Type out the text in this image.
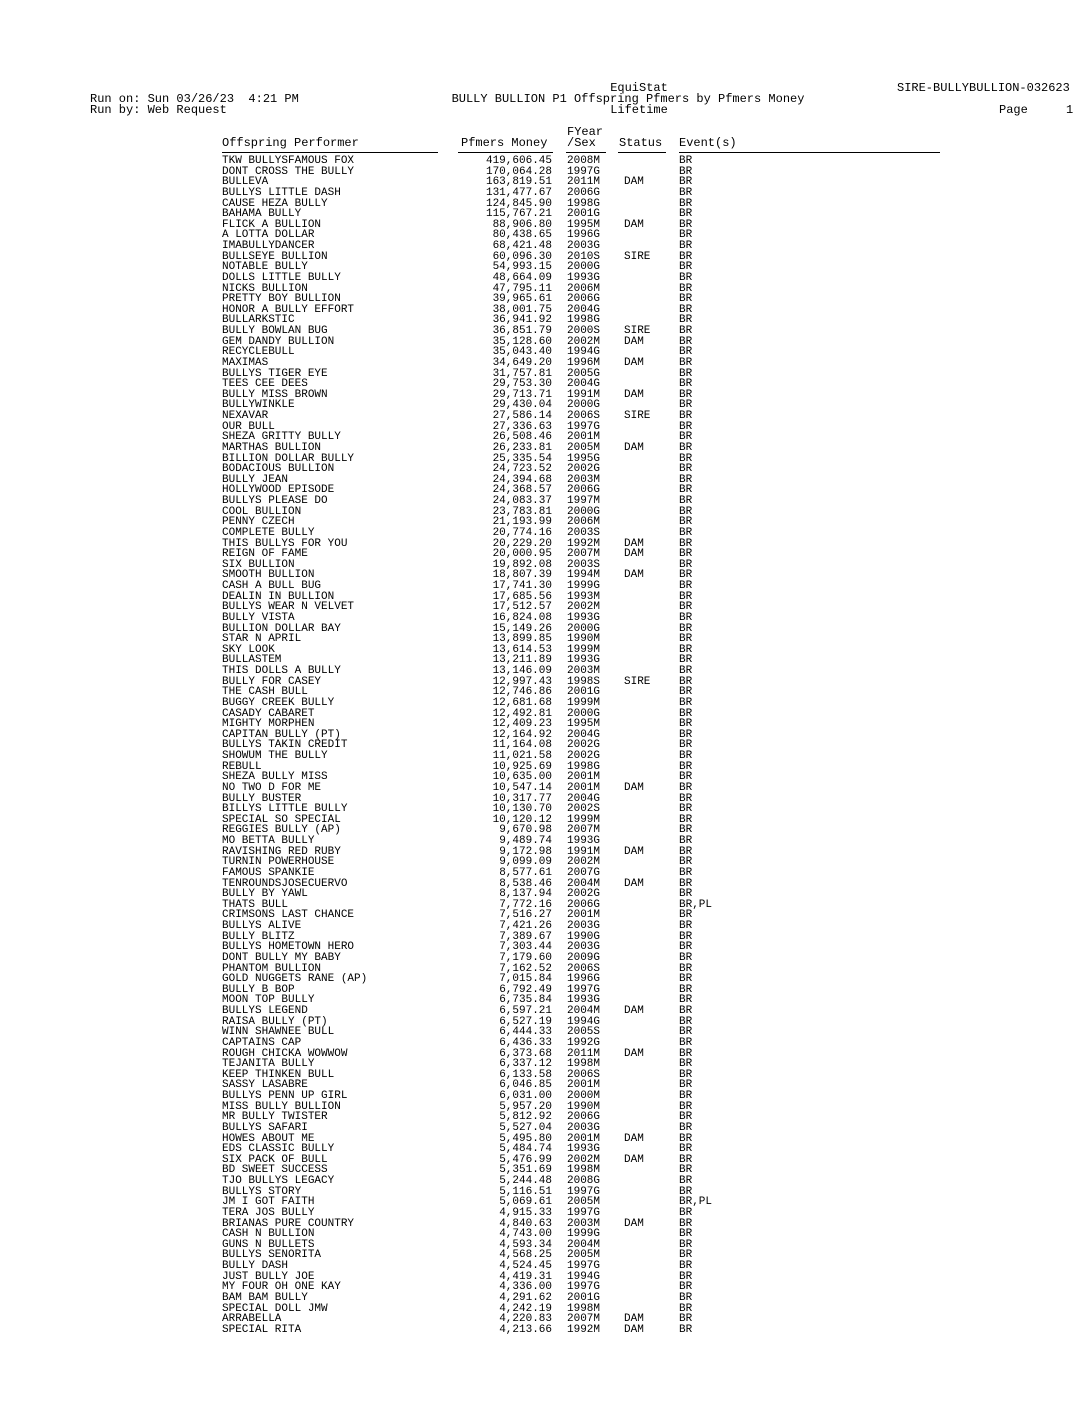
EquiStat
Run on: Sun 03/26/23  4:21 PM	BULLY BULLION P1 Offspring Pfmers by Pfmers Money
Run by: Web Request	Lifetime
SIRE-BULLYBULLION-032623
Page	1
Offspring Performer	Pfmers Money
FYear
/Sex Status Event(s)
TKW BULLYSFAMOUS FOX	419,606.45 2008M	BR
DONT CROSS THE BULLY	170,064.28 1997G	BR
BULLEVA	163,819.51 2011M DAM	BR
BULLYS LITTLE DASH	131,477.67 2006G	BR
CAUSE HEZA BULLY	124,845.90 1998G	BR
BAHAMA BULLY	115,767.21 2001G	BR
FLICK A BULLION	88,906.80 1995M DAM	BR
A LOTTA DOLLAR	80,438.65 1996G	BR
IMABULLYDANCER	68,421.48 2003G	BR
BULLSEYE BULLION	60,096.30 2010S SIRE	BR
NOTABLE BULLY	54,993.15 2000G	BR
DOLLS LITTLE BULLY	48,664.09 1993G	BR
NICKS BULLION	47,795.11 2006M	BR
PRETTY BOY BULLION	39,965.61 2006G	BR
HONOR A BULLY EFFORT	38,001.75 2004G	BR
BULLARKSTIC	36,941.92 1998G	BR
BULLY BOWLAN BUG	36,851.79 2000S SIRE	BR
GEM DANDY BULLION	35,128.60 2002M DAM	BR
RECYCLEBULL	35,043.40 1994G	BR
MAXIMAS	34,649.20 1996M DAM	BR
BULLYS TIGER EYE	31,757.81 2005G	BR
TEES CEE DEES	29,753.30 2004G	BR
BULLY MISS BROWN	29,713.71 1991M DAM	BR
BULLYWINKLE	29,430.04 2000G	BR
NEXAVAR	27,586.14 2006S SIRE	BR
OUR BULL	27,336.63 1997G	BR
SHEZA GRITTY BULLY	26,508.46 2001M	BR
MARTHAS BULLION	26,233.81 2005M DAM	BR
BILLION DOLLAR BULLY	25,335.54 1995G	BR
BODACIOUS BULLION	24,723.52 2002G	BR
BULLY JEAN	24,394.68 2003M	BR
HOLLYWOOD EPISODE	24,368.57 2006G	BR
BULLYS PLEASE DO	24,083.37 1997M	BR
COOL BULLION	23,783.81 2000G	BR
PENNY CZECH	21,193.99 2006M	BR
COMPLETE BULLY	20,774.16 2003S	BR
THIS BULLYS FOR YOU	20,229.20 1992M DAM	BR
REIGN OF FAME	20,000.95 2007M DAM	BR
SIX BULLION	19,892.08 2003S	BR
SMOOTH BULLION	18,807.39 1994M DAM	BR
CASH A BULL BUG	17,741.30 1999G	BR
DEALIN IN BULLION	17,685.56 1993M	BR
BULLYS WEAR N VELVET	17,512.57 2002M	BR
BULLY VISTA	16,824.08 1993G	BR
BULLION DOLLAR BAY	15,149.26 2000G	BR
STAR N APRIL	13,899.85 1990M	BR
SKY LOOK	13,614.53 1999M	BR
BULLASTEM	13,211.89 1993G	BR
THIS DOLLS A BULLY	13,146.09 2003M	BR
BULLY FOR CASEY	12,997.43 1998S SIRE	BR
THE CASH BULL	12,746.86 2001G	BR
BUGGY CREEK BULLY	12,681.68 1999M	BR
CASADY CABARET	12,492.81 2000G	BR
MIGHTY MORPHEN	12,409.23 1995M	BR
CAPITAN BULLY (PT)	12,164.92 2004G	BR
BULLYS TAKIN CREDIT	11,164.08 2002G	BR
SHOWUM THE BULLY	11,021.58 2002G	BR
REBULL	10,925.69 1998G	BR
SHEZA BULLY MISS	10,635.00 2001M	BR
NO TWO D FOR ME	10,547.14 2001M DAM	BR
BULLY BUSTER	10,317.77 2004G	BR
BILLYS LITTLE BULLY	10,130.70 2002S	BR
SPECIAL SO SPECIAL	10,120.12 1999M	BR
REGGIES BULLY (AP)	9,670.98 2007M	BR
MO BETTA BULLY	9,489.74 1993G	BR
RAVISHING RED RUBY	9,172.98 1991M DAM	BR
TURNIN POWERHOUSE	9,099.09 2002M	BR
FAMOUS SPANKIE	8,577.61 2007G	BR
TENROUNDSJOSECUERVO	8,538.46 2004M DAM	BR
BULLY BY YAWL	8,137.94 2002G	BR
THATS BULL	7,772.16 2006G	BR,PL
CRIMSONS LAST CHANCE	7,516.27 2001M	BR
BULLYS ALIVE	7,421.26 2003G	BR
BULLY BLITZ	7,389.67 1990G	BR
BULLYS HOMETOWN HERO	7,303.44 2003G	BR
DONT BULLY MY BABY	7,179.60 2009G	BR
PHANTOM BULLION	7,162.52 2006S	BR
GOLD NUGGETS RANE (AP)	7,015.84 1996G	BR
BULLY B BOP	6,792.49 1997G	BR
MOON TOP BULLY	6,735.84 1993G	BR
BULLYS LEGEND	6,597.21 2004M DAM	BR
RAISA BULLY (PT)	6,527.19 1994G	BR
WINN SHAWNEE BULL	6,444.33 2005S	BR
CAPTAINS CAP	6,436.33 1992G	BR
ROUGH CHICKA WOWWOW	6,373.68 2011M DAM	BR
TEJANITA BULLY	6,337.12 1998M	BR
KEEP THINKEN BULL	6,133.58 2006S	BR
SASSY LASABRE	6,046.85 2001M	BR
BULLYS PENN UP GIRL	6,031.00 2000M	BR
MISS BULLY BULLION	5,957.20 1990M	BR
MR BULLY TWISTER	5,812.92 2006G	BR
BULLYS SAFARI	5,527.04 2003G	BR
HOWES ABOUT ME	5,495.80 2001M DAM	BR
EDS CLASSIC BULLY	5,484.74 1993G	BR
SIX PACK OF BULL	5,476.99 2002M DAM	BR
BD SWEET SUCCESS	5,351.69 1998M	BR
TJO BULLYS LEGACY	5,244.48 2008G	BR
BULLYS STORY	5,116.51 1997G	BR
JM I GOT FAITH	5,069.61 2005M	BR,PL
TERA JOS BULLY	4,915.33 1997G	BR
BRIANAS PURE COUNTRY	4,840.63 2003M DAM	BR
CASH N BULLION	4,743.00 1999G	BR
GUNS N BULLETS	4,593.34 2004M	BR
BULLYS SENORITA	4,568.25 2005M	BR
BULLY DASH	4,524.45 1997G	BR
JUST BULLY JOE	4,419.31 1994G	BR
MY FOUR OH ONE KAY	4,336.00 1997G	BR
BAM BAM BULLY	4,291.62 2001G	BR
SPECIAL DOLL JMW	4,242.19 1998M	BR
ARRABELLA	4,220.83 2007M DAM	BR
SPECIAL RITA	4,213.66 1992M DAM	BR
